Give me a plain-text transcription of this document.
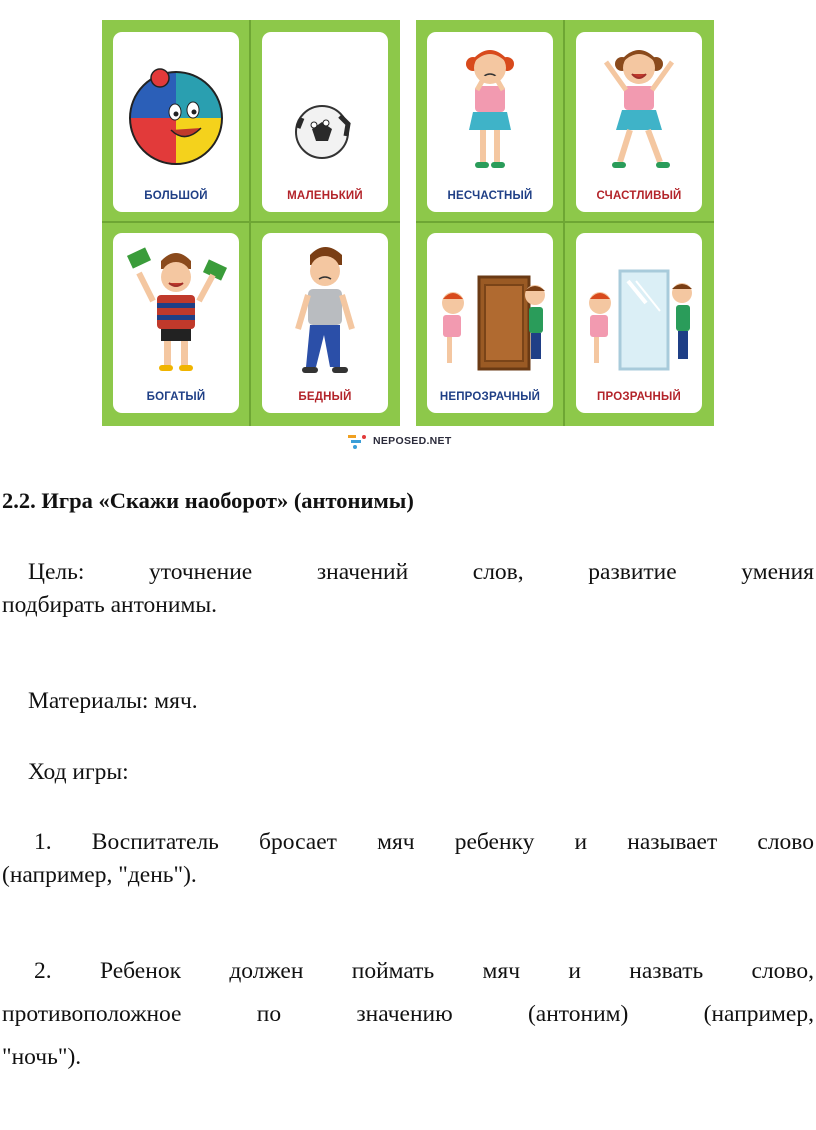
БОЛЬШОЙ	МАЛЕНЬКИЙ
БОГАТЫЙ	БЕДНЫЙ
НЕСЧАСТНЫЙ	СЧАСТЛИВЫЙ
НЕПРОЗРАЧНЫЙ	ПРОЗРАЧНЫЙ
NEPOSED.NET
2.2. Игра «Скажи наоборот» (антонимы)
Цель: уточнение значений слов, развитие умения
подбирать антонимы.
Материалы: мяч.
Ход игры:
1. Воспитатель бросает мяч ребенку и называет слово
(например, "день").
2. Ребенок должен поймать мяч и назвать слово,
противоположное по значению (антоним) (например,
"ночь").
